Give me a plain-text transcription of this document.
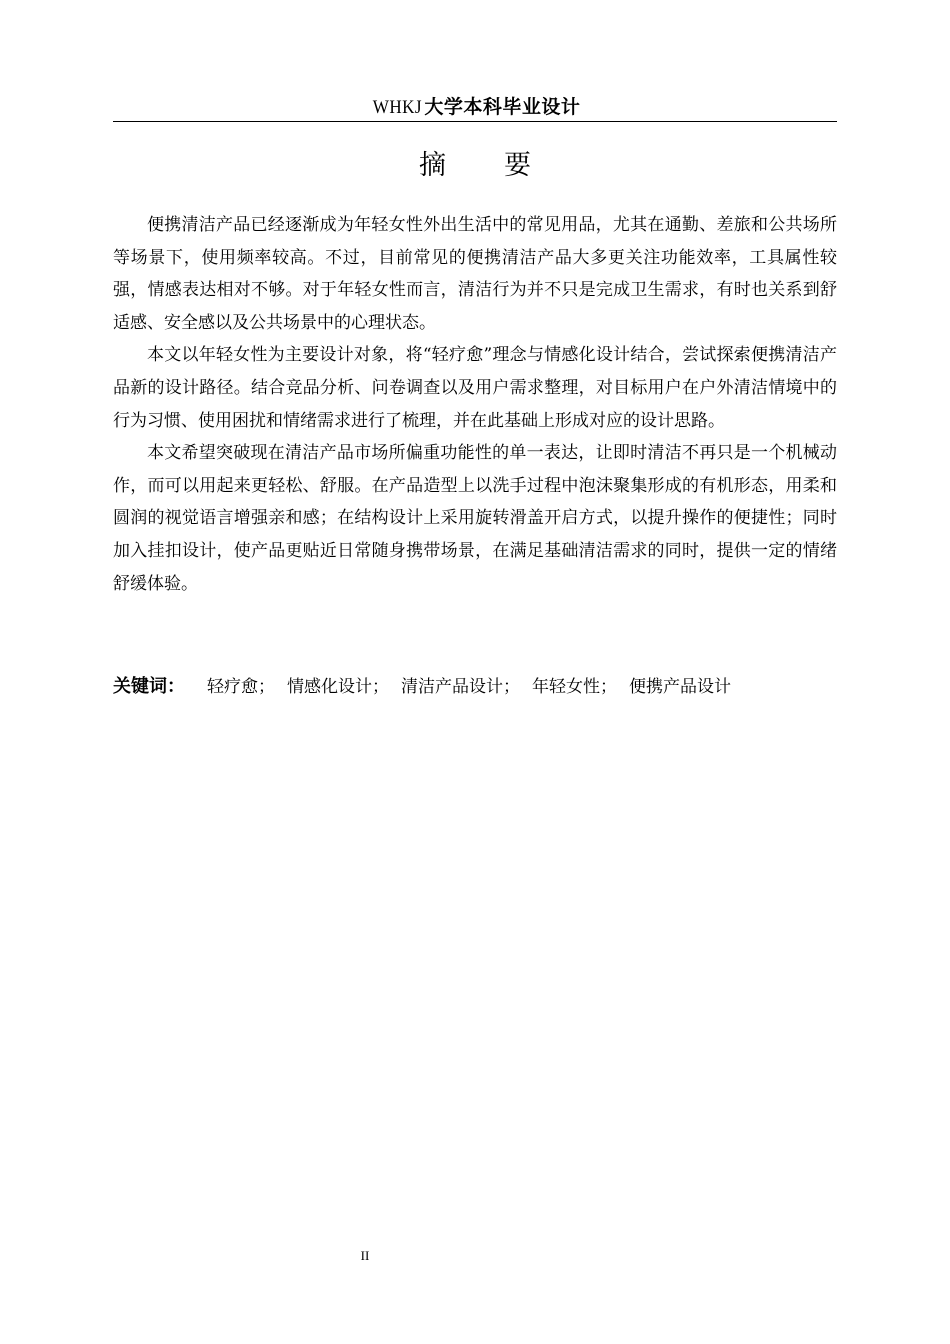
WHKJ 大学本科毕业设计
摘要

便携清洁产品已经逐渐成为年轻女性外出生活中的常见用品，尤其在通勤、差旅和公共场所等场景下，使用频率较高。不过，目前常见的便携清洁产品大多更关注功能效率，工具属性较强，情感表达相对不够。对于年轻女性而言，清洁行为并不只是完成卫生需求，有时也关系到舒适感、安全感以及公共场景中的心理状态。

本文以年轻女性为主要设计对象，将“轻疗愈”理念与情感化设计结合，尝试探索便携清洁产品新的设计路径。结合竞品分析、问卷调查以及用户需求整理，对目标用户在户外清洁情境中的行为习惯、使用困扰和情绪需求进行了梳理，并在此基础上形成对应的设计思路。

本文希望突破现在清洁产品市场所偏重功能性的单一表达，让即时清洁不再只是一个机械动作，而可以用起来更轻松、舒服。在产品造型上以洗手过程中泡沫聚集形成的有机形态，用柔和圆润的视觉语言增强亲和感；在结构设计上采用旋转滑盖开启方式，以提升操作的便捷性；同时加入挂扣设计，使产品更贴近日常随身携带场景，在满足基础清洁需求的同时，提供一定的情绪舒缓体验。

关键词： 轻疗愈； 情感化设计； 清洁产品设计； 年轻女性； 便携产品设计
II
